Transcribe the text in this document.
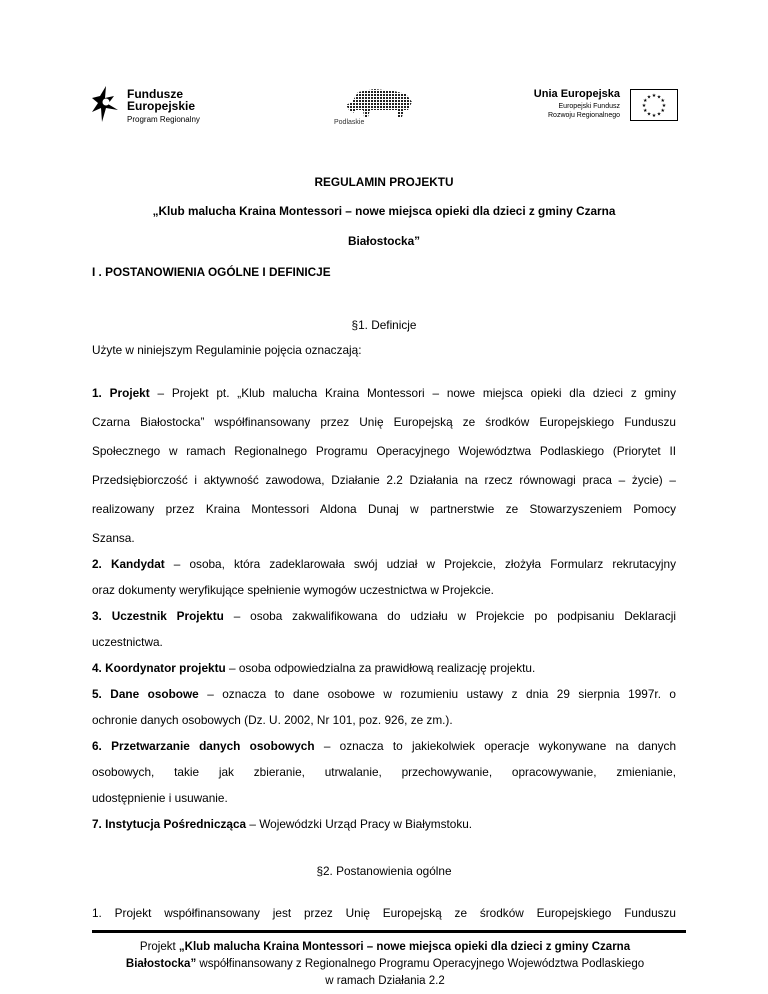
Fundusze
Europejskie
Program Regionalny	Podlaskie
Unia Europejska
Europejski Fundusz
Rozwoju Regionalnego
★ ★
★
★
★
★
★
★
★
★
★
★
REGULAMIN PROJEKTU
„Klub malucha Kraina Montessori – nowe miejsca opieki dla dzieci z gminy Czarna
Białostocka”
I . POSTANOWIENIA OGÓLNE I DEFINICJE
§1. Definicje
Użyte w niniejszym Regulaminie pojęcia oznaczają:
1. Projekt – Projekt pt. „Klub malucha Kraina Montessori – nowe miejsca opieki dla dzieci z gminy
Czarna Białostocka” współfinansowany przez Unię Europejską ze środków Europejskiego Funduszu
Społecznego w ramach Regionalnego Programu Operacyjnego Województwa Podlaskiego (Priorytet II
Przedsiębiorczość i aktywność zawodowa, Działanie 2.2 Działania na rzecz równowagi praca – życie) –
realizowany przez Kraina Montessori Aldona Dunaj w partnerstwie ze Stowarzyszeniem Pomocy
Szansa.
2. Kandydat – osoba, która zadeklarowała swój udział w Projekcie, złożyła Formularz rekrutacyjny
oraz dokumenty weryfikujące spełnienie wymogów uczestnictwa w Projekcie.
3. Uczestnik Projektu – osoba zakwalifikowana do udziału w Projekcie po podpisaniu Deklaracji
uczestnictwa.
4. Koordynator projektu – osoba odpowiedzialna za prawidłową realizację projektu.
5. Dane osobowe – oznacza to dane osobowe w rozumieniu ustawy z dnia 29 sierpnia 1997r. o
ochronie danych osobowych (Dz. U. 2002, Nr 101, poz. 926, ze zm.).
6. Przetwarzanie danych osobowych – oznacza to jakiekolwiek operacje wykonywane na danych
osobowych, takie jak zbieranie, utrwalanie, przechowywanie, opracowywanie, zmienianie,
udostępnienie i usuwanie.
7. Instytucja Pośrednicząca – Wojewódzki Urząd Pracy w Białymstoku.
§2. Postanowienia ogólne
1. Projekt współfinansowany jest przez Unię Europejską ze środków Europejskiego Funduszu
Projekt „Klub malucha Kraina Montessori – nowe miejsca opieki dla dzieci z gminy Czarna
Białostocka” współfinansowany z Regionalnego Programu Operacyjnego Województwa Podlaskiego
w ramach Działania 2.2
